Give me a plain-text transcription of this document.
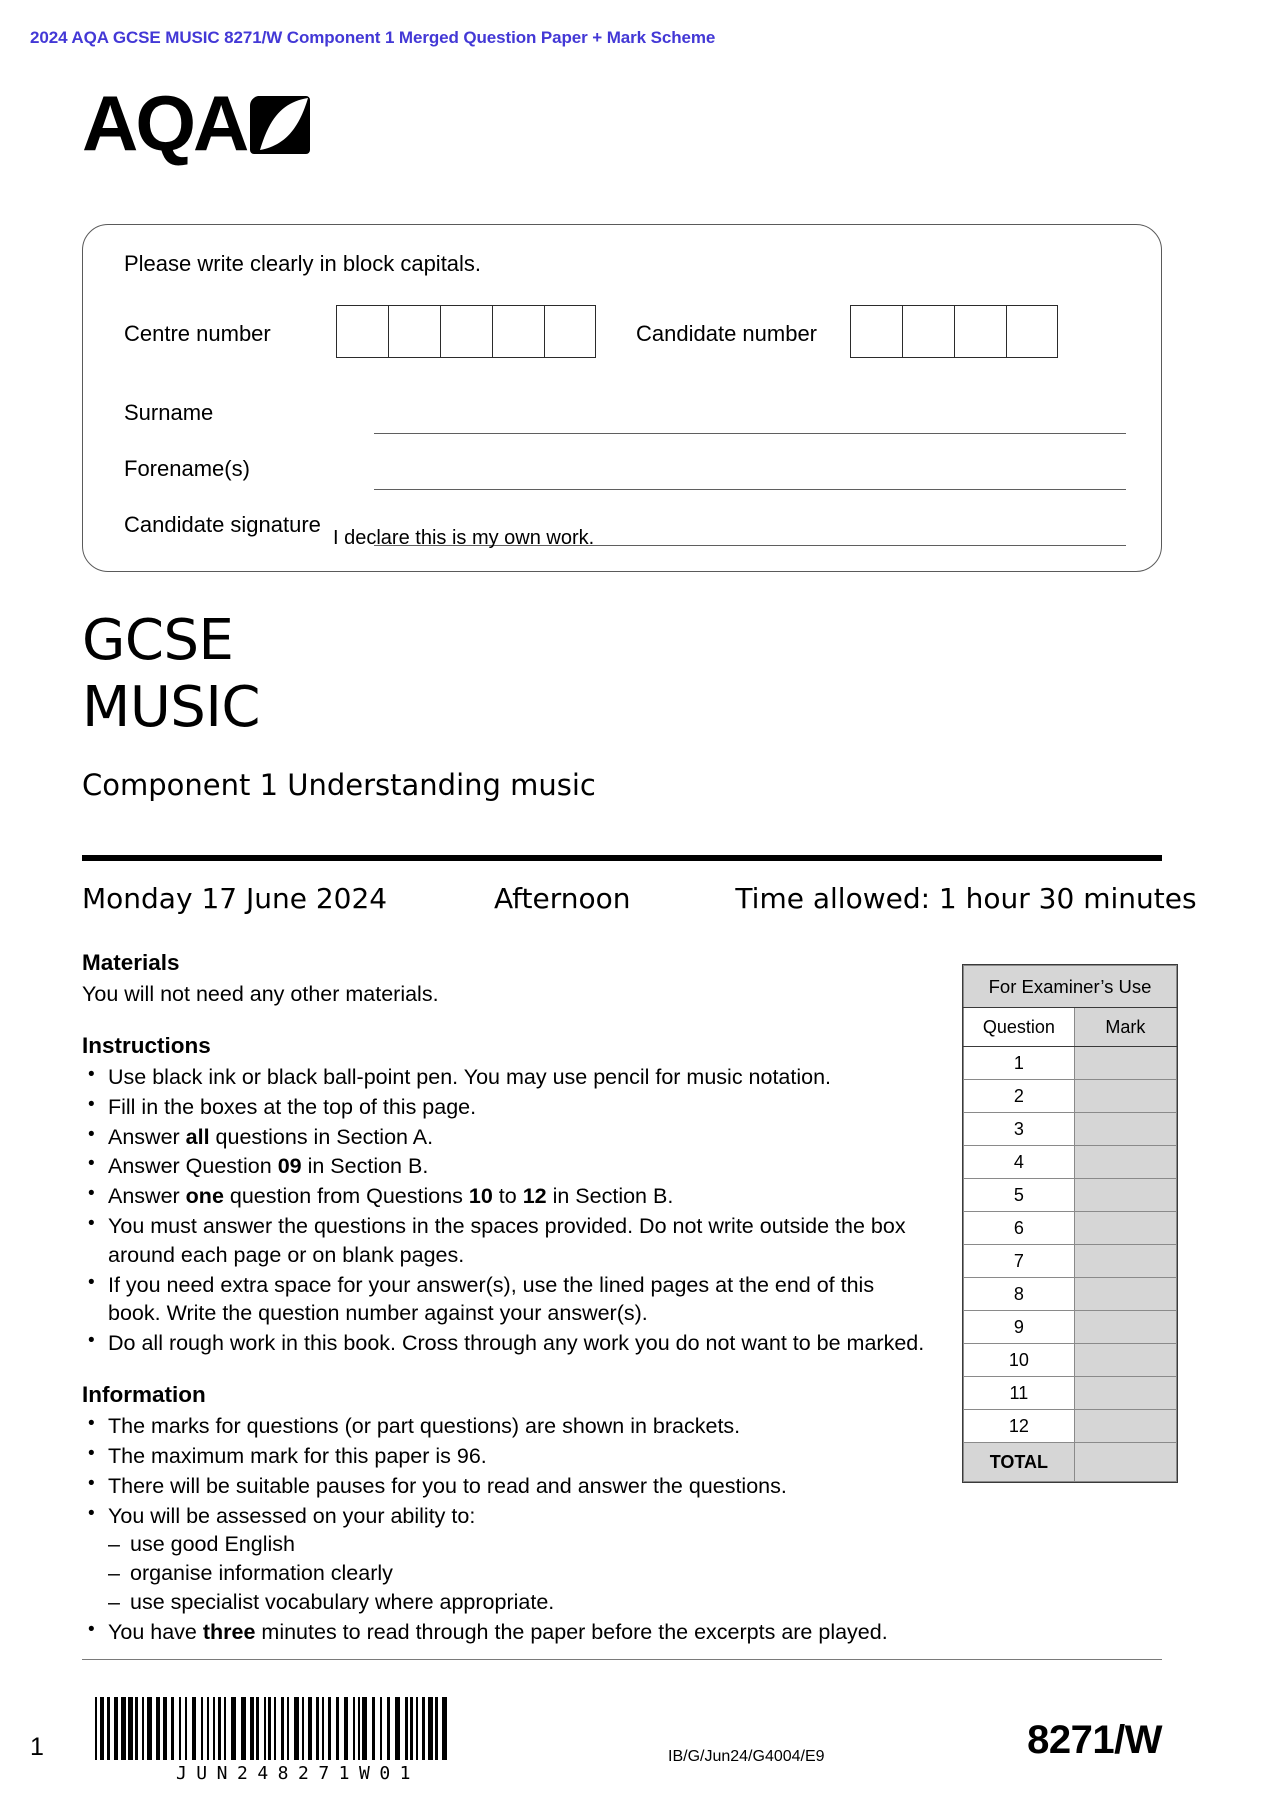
2024 AQA GCSE MUSIC 8271/W Component 1 Merged Question Paper + Mark Scheme
AQA
Please write clearly in block capitals.
Centre number	Candidate number
Surname
Forename(s)
Candidate signature
I declare this is my own work.
GCSE
MUSIC
Component 1 Understanding music
Monday 17 June 2024	Afternoon	Time allowed: 1 hour 30 minutes
Materials
You will not need any other materials.
Instructions
• Use black ink or black ball-point pen. You may use pencil for music notation.
• Fill in the boxes at the top of this page.
• Answer all questions in Section A.
• Answer Question 09 in Section B.
• Answer one question from Questions 10 to 12 in Section B.
• You must answer the questions in the spaces provided. Do not write outside the box around each page or on blank pages.
• If you need extra space for your answer(s), use the lined pages at the end of this book. Write the question number against your answer(s).
• Do all rough work in this book. Cross through any work you do not want to be marked.
Information
• The marks for questions (or part questions) are shown in brackets.
• The maximum mark for this paper is 96.
• There will be suitable pauses for you to read and answer the questions.
• You will be assessed on your ability to:
– use good English
– organise information clearly
– use specialist vocabulary where appropriate.
• You have three minutes to read through the paper before the excerpts are played.
For Examiner’s Use	
Question	Mark
1	
2	
3	
4	
5	
6	
7	
8	
9	
10	
11	
12	
TOTAL	
1
JUN248271W01
IB/G/Jun24/G4004/E9	8271/W
